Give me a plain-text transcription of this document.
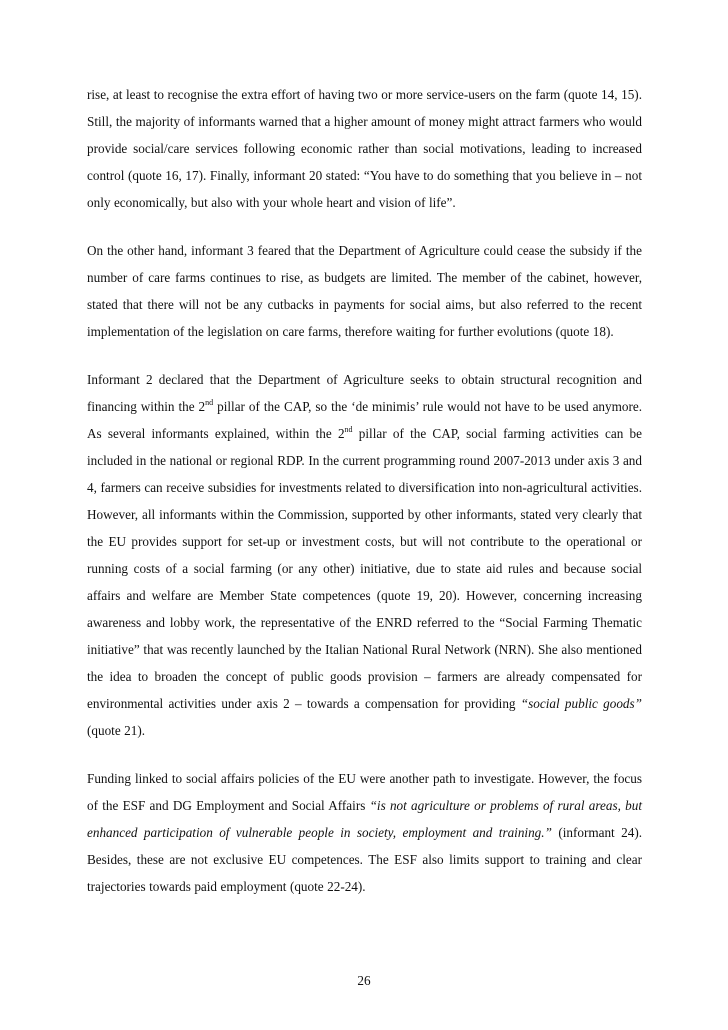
rise, at least to recognise the extra effort of having two or more service-users on the farm (quote 14, 15). Still, the majority of informants warned that a higher amount of money might attract farmers who would provide social/care services following economic rather than social motivations, leading to increased control (quote 16, 17). Finally, informant 20 stated: “You have to do something that you believe in – not only economically, but also with your whole heart and vision of life”.

On the other hand, informant 3 feared that the Department of Agriculture could cease the subsidy if the number of care farms continues to rise, as budgets are limited. The member of the cabinet, however, stated that there will not be any cutbacks in payments for social aims, but also referred to the recent implementation of the legislation on care farms, therefore waiting for further evolutions (quote 18).

Informant 2 declared that the Department of Agriculture seeks to obtain structural recognition and financing within the 2nd pillar of the CAP, so the ‘de minimis’ rule would not have to be used anymore. As several informants explained, within the 2nd pillar of the CAP, social farming activities can be included in the national or regional RDP. In the current programming round 2007-2013 under axis 3 and 4, farmers can receive subsidies for investments related to diversification into non-agricultural activities. However, all informants within the Commission, supported by other informants, stated very clearly that the EU provides support for set-up or investment costs, but will not contribute to the operational or running costs of a social farming (or any other) initiative, due to state aid rules and because social affairs and welfare are Member State competences (quote 19, 20). However, concerning increasing awareness and lobby work, the representative of the ENRD referred to the “Social Farming Thematic initiative” that was recently launched by the Italian National Rural Network (NRN). She also mentioned the idea to broaden the concept of public goods provision – farmers are already compensated for environmental activities under axis 2 – towards a compensation for providing “social public goods” (quote 21).

Funding linked to social affairs policies of the EU were another path to investigate. However, the focus of the ESF and DG Employment and Social Affairs “is not agriculture or problems of rural areas, but enhanced participation of vulnerable people in society, employment and training.” (informant 24). Besides, these are not exclusive EU competences. The ESF also limits support to training and clear trajectories towards paid employment (quote 22-24).

26
